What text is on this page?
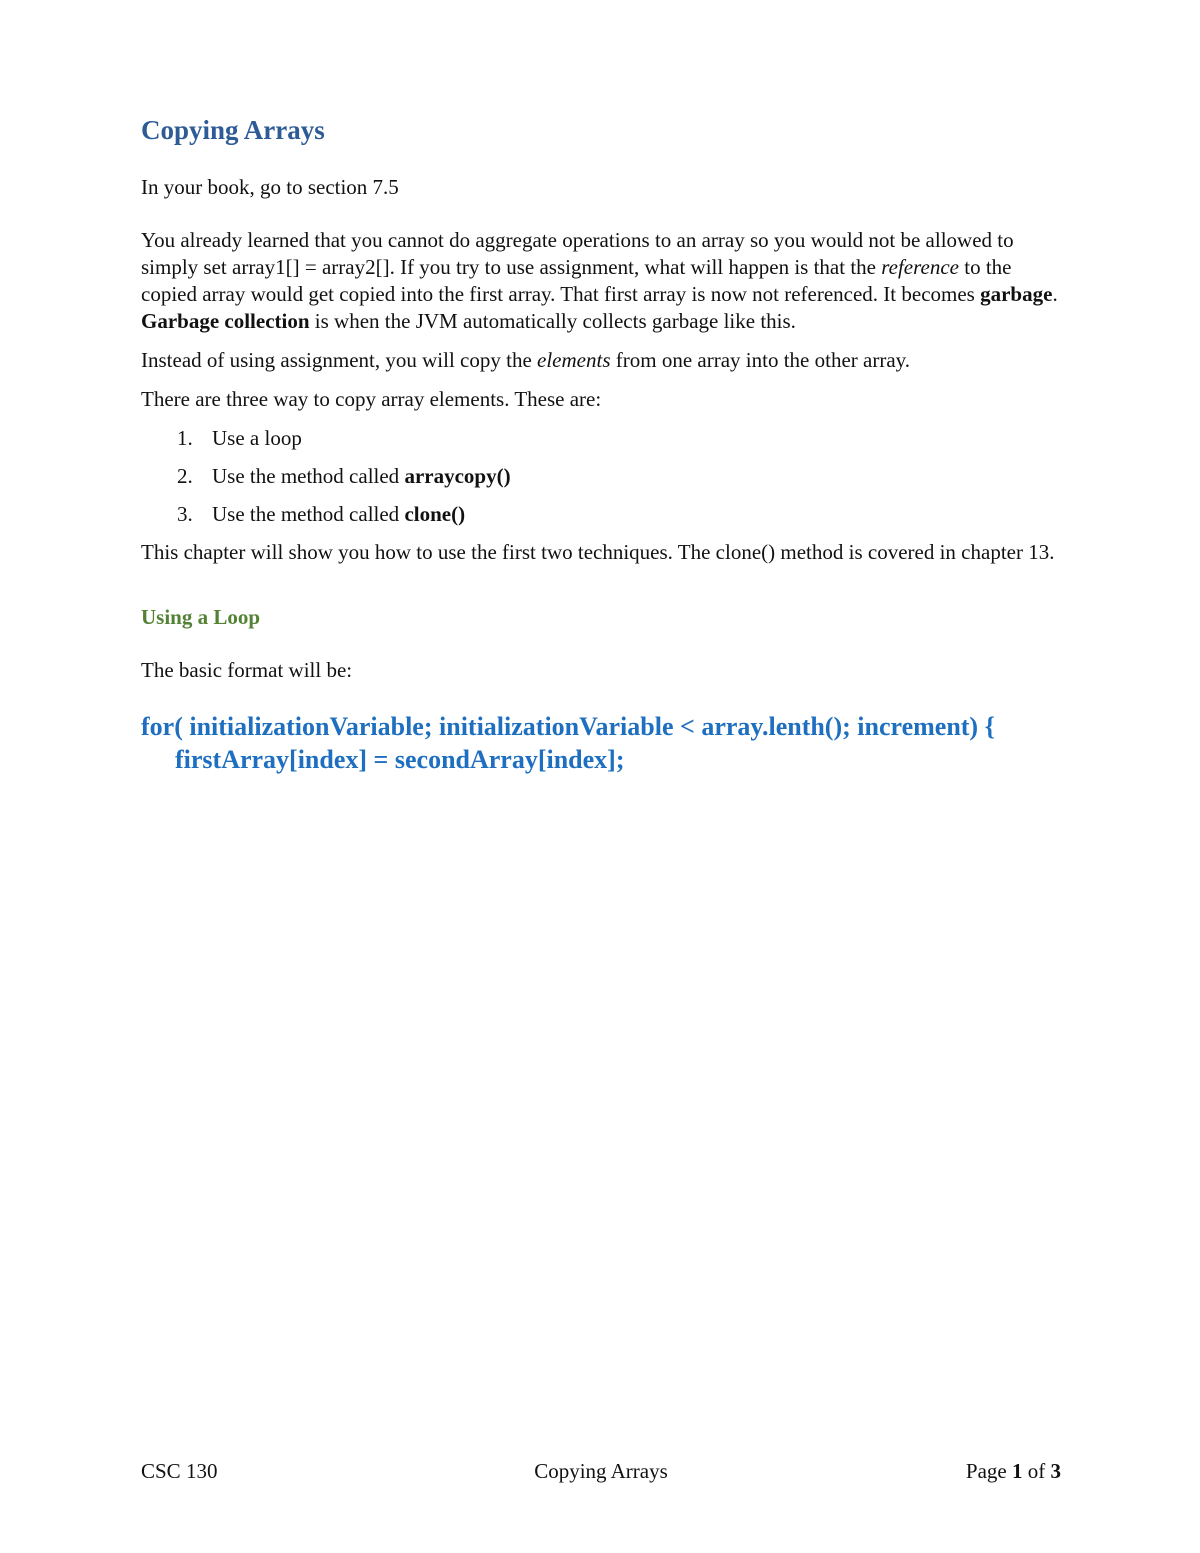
Copying Arrays

In your book, go to section 7.5

You already learned that you cannot do aggregate operations to an array so you would not be allowed to simply set array1[] = array2[]. If you try to use assignment, what will happen is that the reference to the copied array would get copied into the first array. That first array is now not referenced. It becomes garbage. Garbage collection is when the JVM automatically collects garbage like this.

Instead of using assignment, you will copy the elements from one array into the other array.

There are three way to copy array elements. These are:

1. Use a loop
2. Use the method called arraycopy()
3. Use the method called clone()

This chapter will show you how to use the first two techniques. The clone() method is covered in chapter 13.

Using a Loop

The basic format will be:

for( initializationVariable; initializationVariable < array.lenth(); increment) {
firstArray[index] = secondArray[index];
CSC 130	Copying Arrays	Page 1 of 3
